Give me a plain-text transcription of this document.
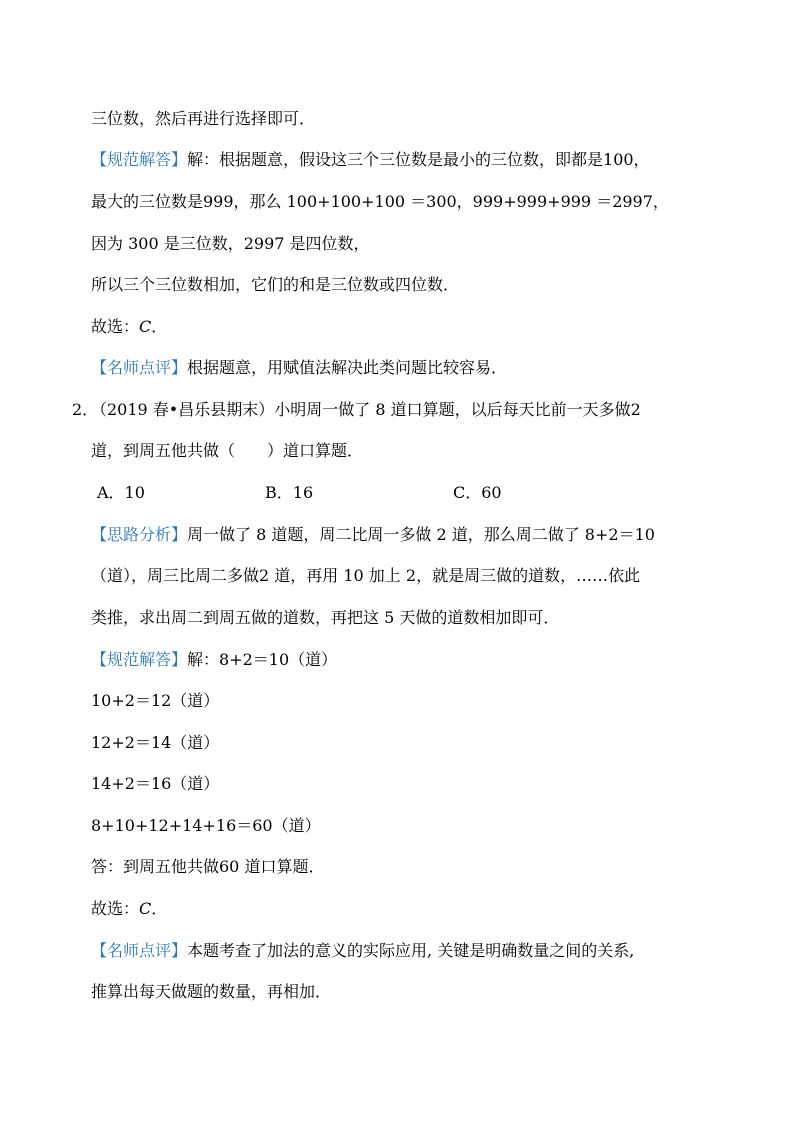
三位数，然后再进行选择即可．
【规范解答】解：根据题意，假设这三个三位数是最小的三位数，即都是100，
最大的三位数是999，那么 100+100+100 ＝300，999+999+999 ＝2997，
因为 300 是三位数，2997 是四位数，
所以三个三位数相加，它们的和是三位数或四位数．
故选：C．
【名师点评】根据题意，用赋值法解决此类问题比较容易．
2．
（2019 春•昌乐县期末）小明周一做了 8 道口算题，以后每天比前一天多做2
道，到周五他共做（　　）道口算题．
A．10	B．16	C．60
【思路分析】周一做了 8 道题，周二比周一多做 2 道，那么周二做了 8+2＝10
（道），周三比周二多做2 道，再用 10 加上 2，就是周三做的道数，……依此
类推，求出周二到周五做的道数，再把这 5 天做的道数相加即可．
【规范解答】解：8+2＝10（道）
10+2＝12（道）
12+2＝14（道）
14+2＝16（道）
8+10+12+14+16＝60（道）
答：到周五他共做60 道口算题．
故选：C．
【名师点评】本题考查了加法的意义的实际应用, 关键是明确数量之间的关系,
推算出每天做题的数量，再相加．
